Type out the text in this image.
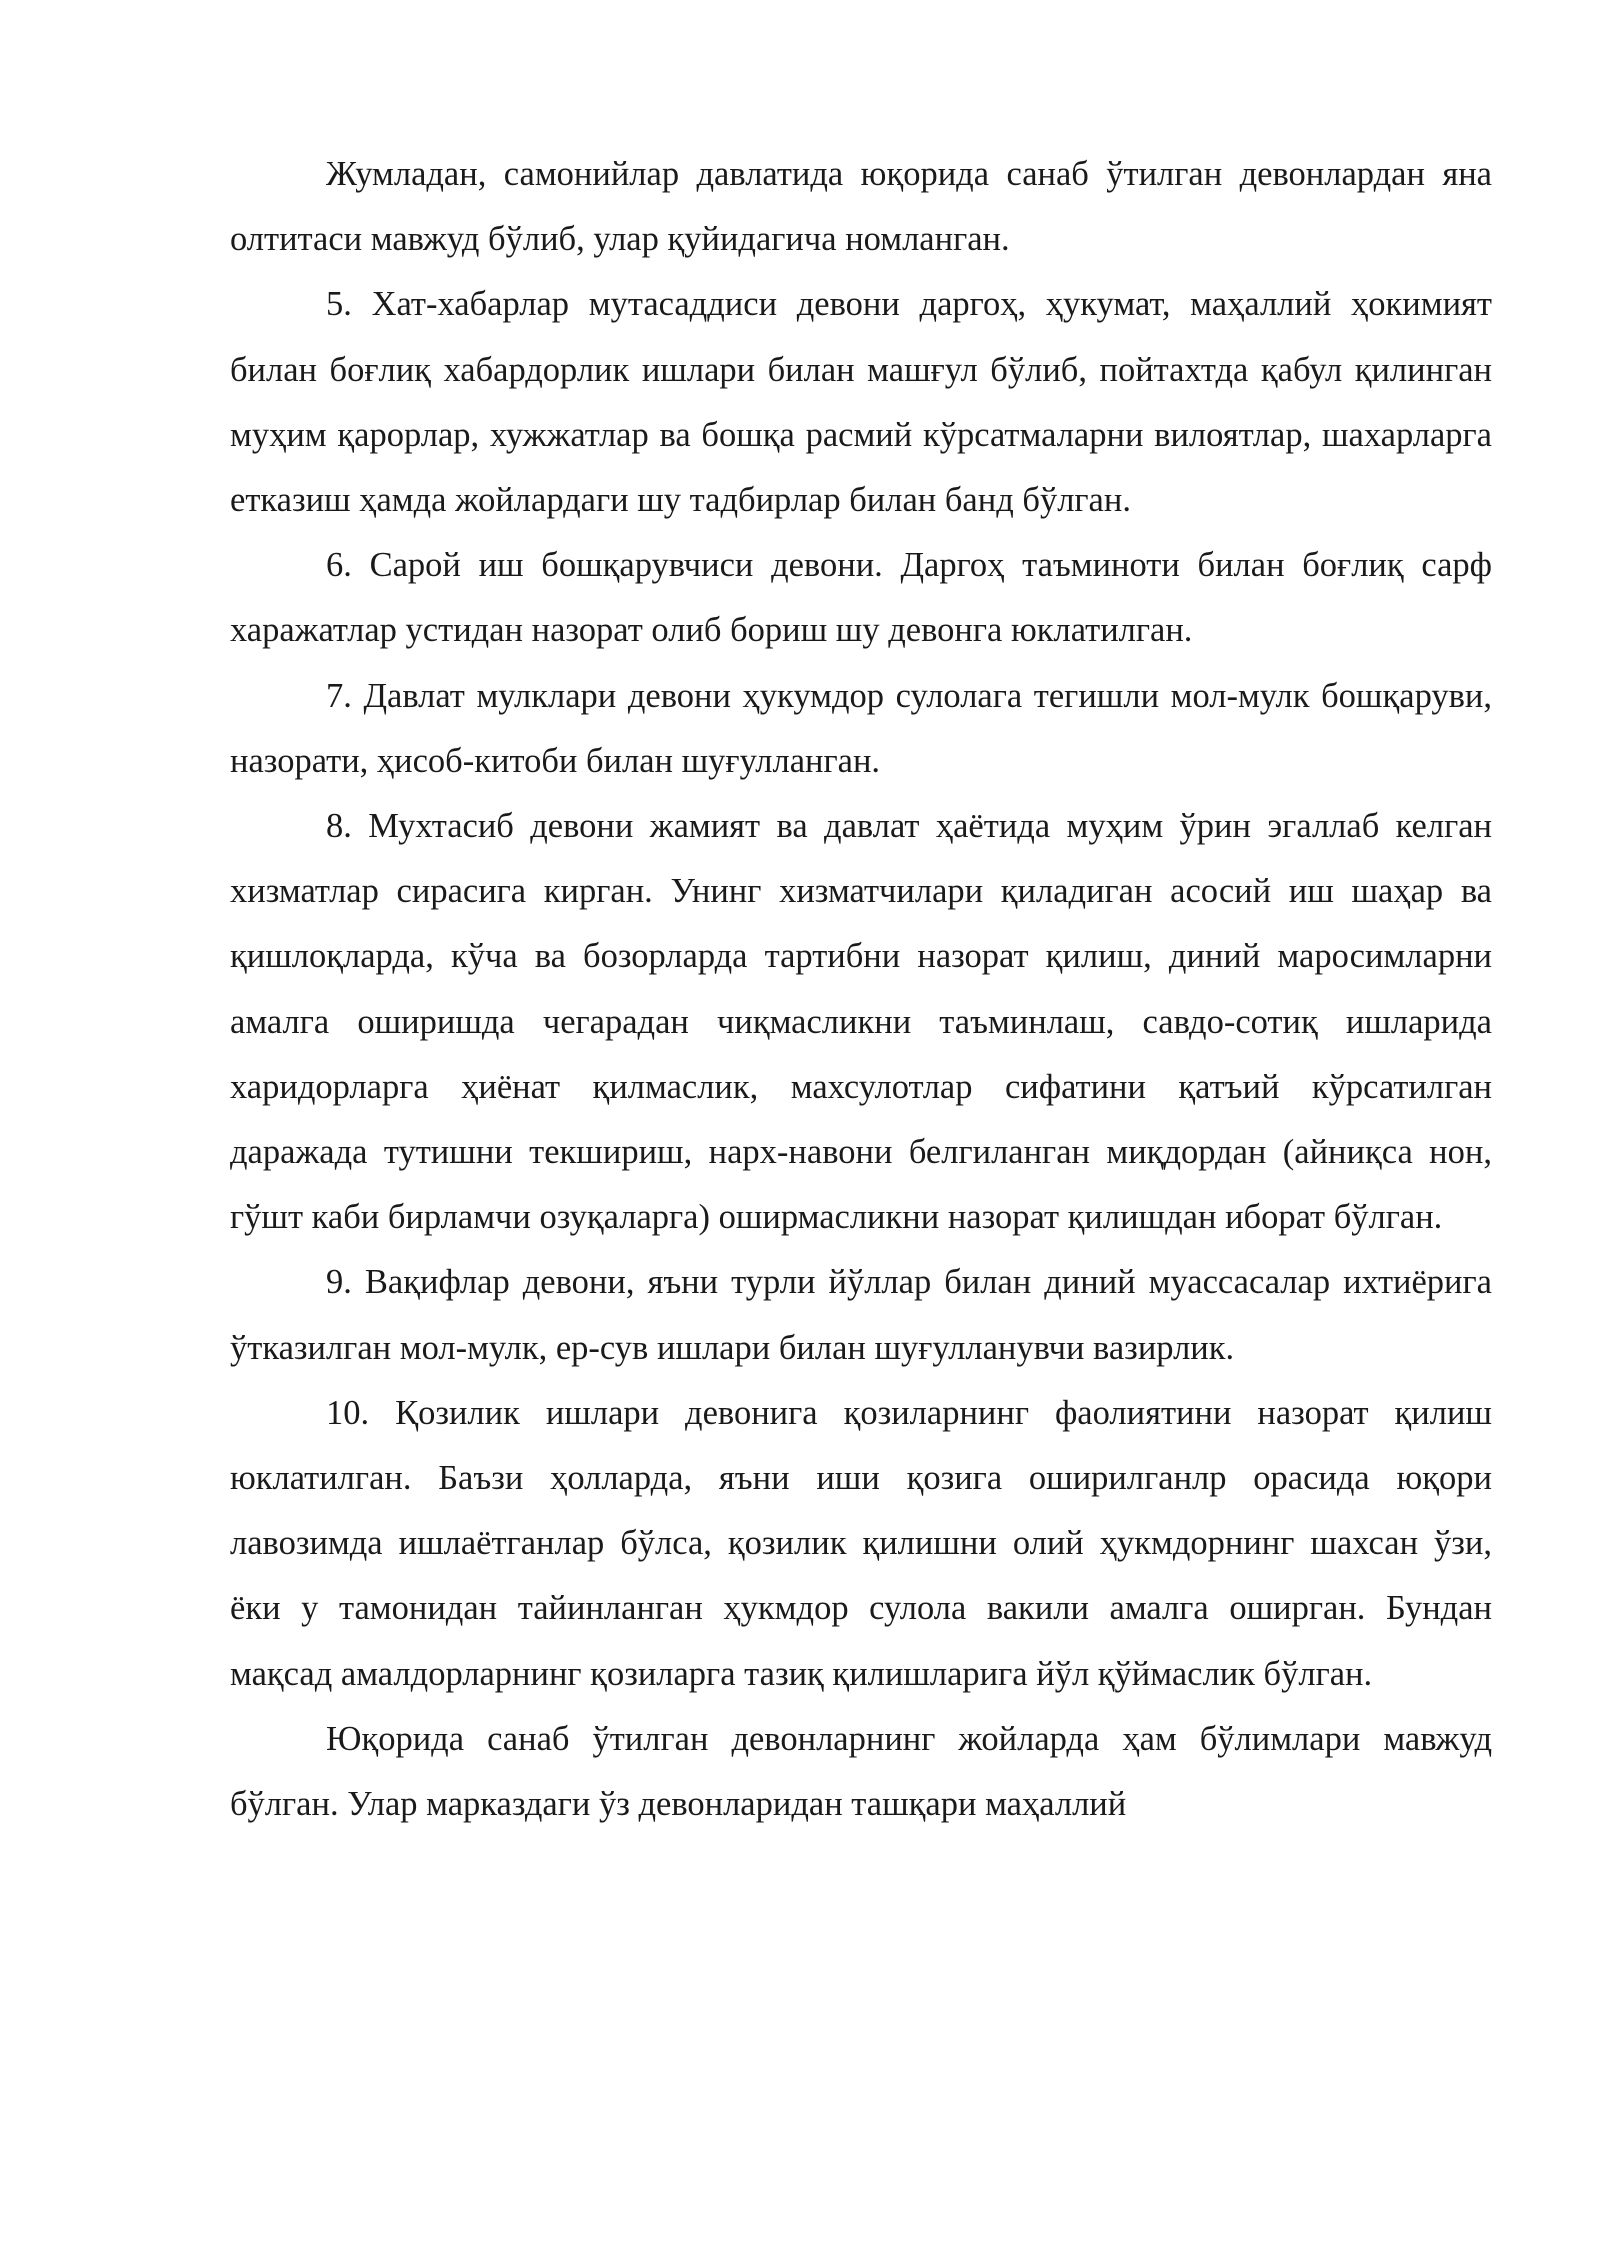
Жумладан, самонийлар давлатида юқорида санаб ўтилган девонлардан яна олтитаси мавжуд бўлиб, улар қуйидагича номланган.

5. Хат-хабарлар мутасаддиси девони даргоҳ, ҳукумат, маҳаллий ҳокимият билан боғлиқ хабардорлик ишлари билан машғул бўлиб, пойтахтда қабул қилинган муҳим қарорлар, хужжатлар ва бошқа расмий кўрсатмаларни вилоятлар, шахарларга етказиш ҳамда жойлардаги шу тадбирлар билан банд бўлган.

6. Сарой иш бошқарувчиси девони. Даргоҳ таъминоти билан боғлиқ сарф харажатлар устидан назорат олиб бориш шу девонга юклатилган.

7. Давлат мулклари девони ҳукумдор сулолага тегишли мол-мулк бошқаруви, назорати, ҳисоб-китоби билан шуғулланган.

8. Мухтасиб девони жамият ва давлат ҳаётида муҳим ўрин эгаллаб келган хизматлар сирасига кирган. Унинг хизматчилари қиладиган асосий иш шаҳар ва қишлоқларда, кўча ва бозорларда тартибни назорат қилиш, диний маросимларни амалга оширишда чегарадан чиқмасликни таъминлаш, савдо-сотиқ ишларида харидорларга ҳиёнат қилмаслик, махсулотлар сифатини қатъий кўрсатилган даражада тутишни текшириш, нарх-навони белгиланган миқдордан (айниқса нон, гўшт каби бирламчи озуқаларга) оширмасликни назорат қилишдан иборат бўлган.

9. Вақифлар девони, яъни турли йўллар билан диний муассасалар ихтиёрига ўтказилган мол-мулк, ер-сув ишлари билан шуғулланувчи вазирлик.

10. Қозилик ишлари девонига қозиларнинг фаолиятини назорат қилиш юклатилган. Баъзи ҳолларда, яъни иши қозига оширилганлр орасида юқори лавозимда ишлаётганлар бўлса, қозилик қилишни олий ҳукмдорнинг шахсан ўзи, ёки у тамонидан тайинланган ҳукмдор сулола вакили амалга оширган. Бундан мақсад амалдорларнинг қозиларга тазиқ қилишларига йўл қўймаслик бўлган.

Юқорида санаб ўтилган девонларнинг жойларда ҳам бўлимлари мавжуд бўлган. Улар марказдаги ўз девонларидан ташқари маҳаллий
